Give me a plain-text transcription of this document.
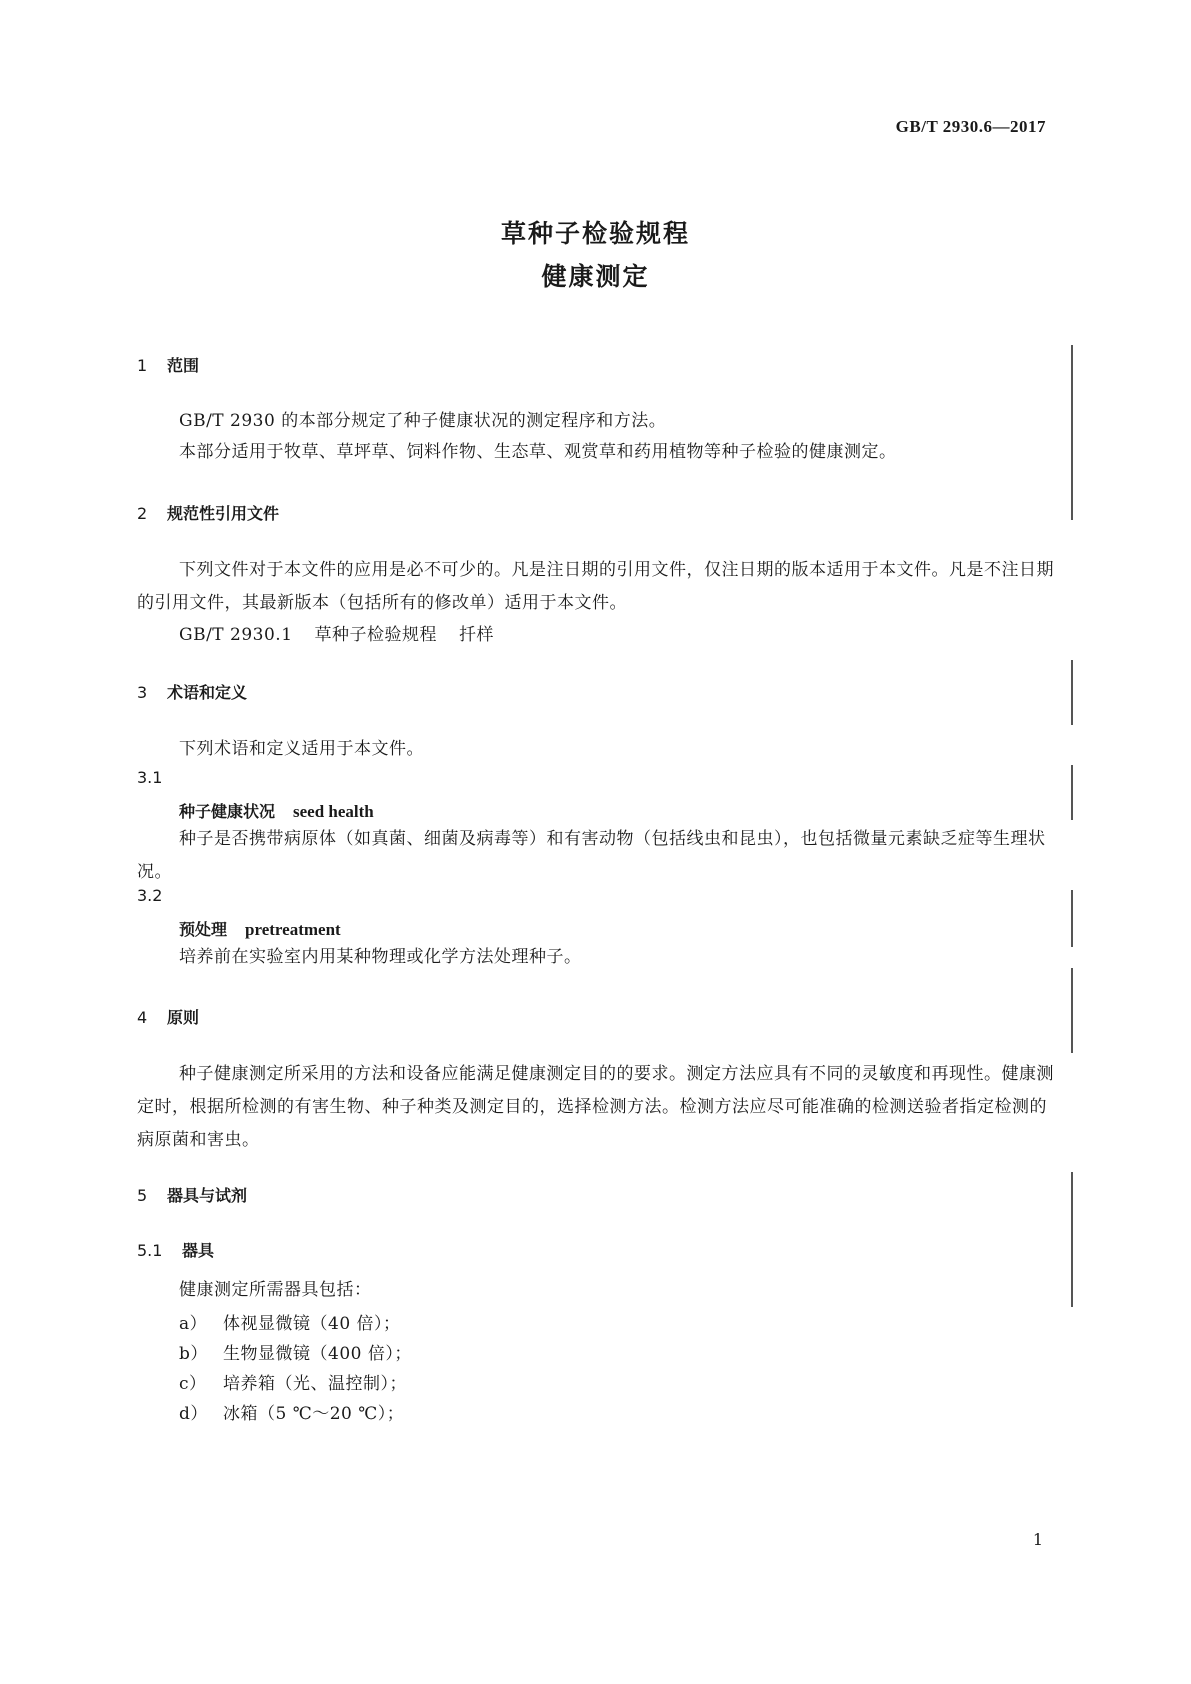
GB/T 2930.6—2017
草种子检验规程
健康测定
1 范围
GB/T 2930 的本部分规定了种子健康状况的测定程序和方法。
本部分适用于牧草、草坪草、饲料作物、生态草、观赏草和药用植物等种子检验的健康测定。
2 规范性引用文件
下列文件对于本文件的应用是必不可少的。凡是注日期的引用文件，仅注日期的版本适用于本文件。凡是不注日期的引用文件，其最新版本（包括所有的修改单）适用于本文件。
GB/T 2930.1 草种子检验规程 扦样
3 术语和定义
下列术语和定义适用于本文件。
3.1
种子健康状况 seed health
种子是否携带病原体（如真菌、细菌及病毒等）和有害动物（包括线虫和昆虫），也包括微量元素缺乏症等生理状况。
3.2
预处理 pretreatment
培养前在实验室内用某种物理或化学方法处理种子。
4 原则
种子健康测定所采用的方法和设备应能满足健康测定目的的要求。测定方法应具有不同的灵敏度和再现性。健康测定时，根据所检测的有害生物、种子种类及测定目的，选择检测方法。检测方法应尽可能准确的检测送验者指定检测的病原菌和害虫。
5 器具与试剂
5.1 器具
健康测定所需器具包括：
a） 体视显微镜（40 倍）；
b） 生物显微镜（400 倍）；
c） 培养箱（光、温控制）；
d） 冰箱（5 ℃～20 ℃）；
1
